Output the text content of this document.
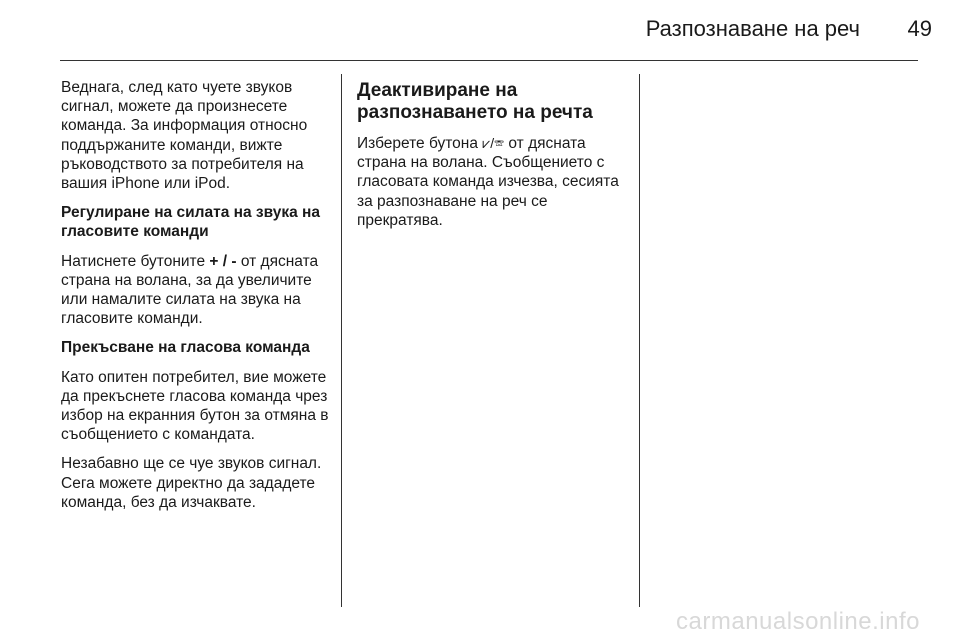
Разпознаване на реч	49

Веднага, след като чуете звуков сигнал, можете да произнесете команда. За информация относно поддържаните команди, вижте ръководството за потребителя на вашия iPhone или iPod.

Регулиране на силата на звука на гласовите команди

Натиснете бутоните + / - от дясната страна на волана, за да увеличите или намалите силата на звука на гласовите команди.

Прекъсване на гласова команда

Като опитен потребител, вие можете да прекъснете гласова команда чрез избор на екранния бутон за отмяна в съобщението с командата.

Незабавно ще се чуе звуков сигнал. Сега можете директно да зададете команда, без да изчаквате.

Деактивиране на разпознаването на речта

Изберете бутона ⩗/☏ от дясната страна на волана. Съобщението с гласовата команда изчезва, сесията за разпознаване на реч се прекратява.

carmanualsonline.info
